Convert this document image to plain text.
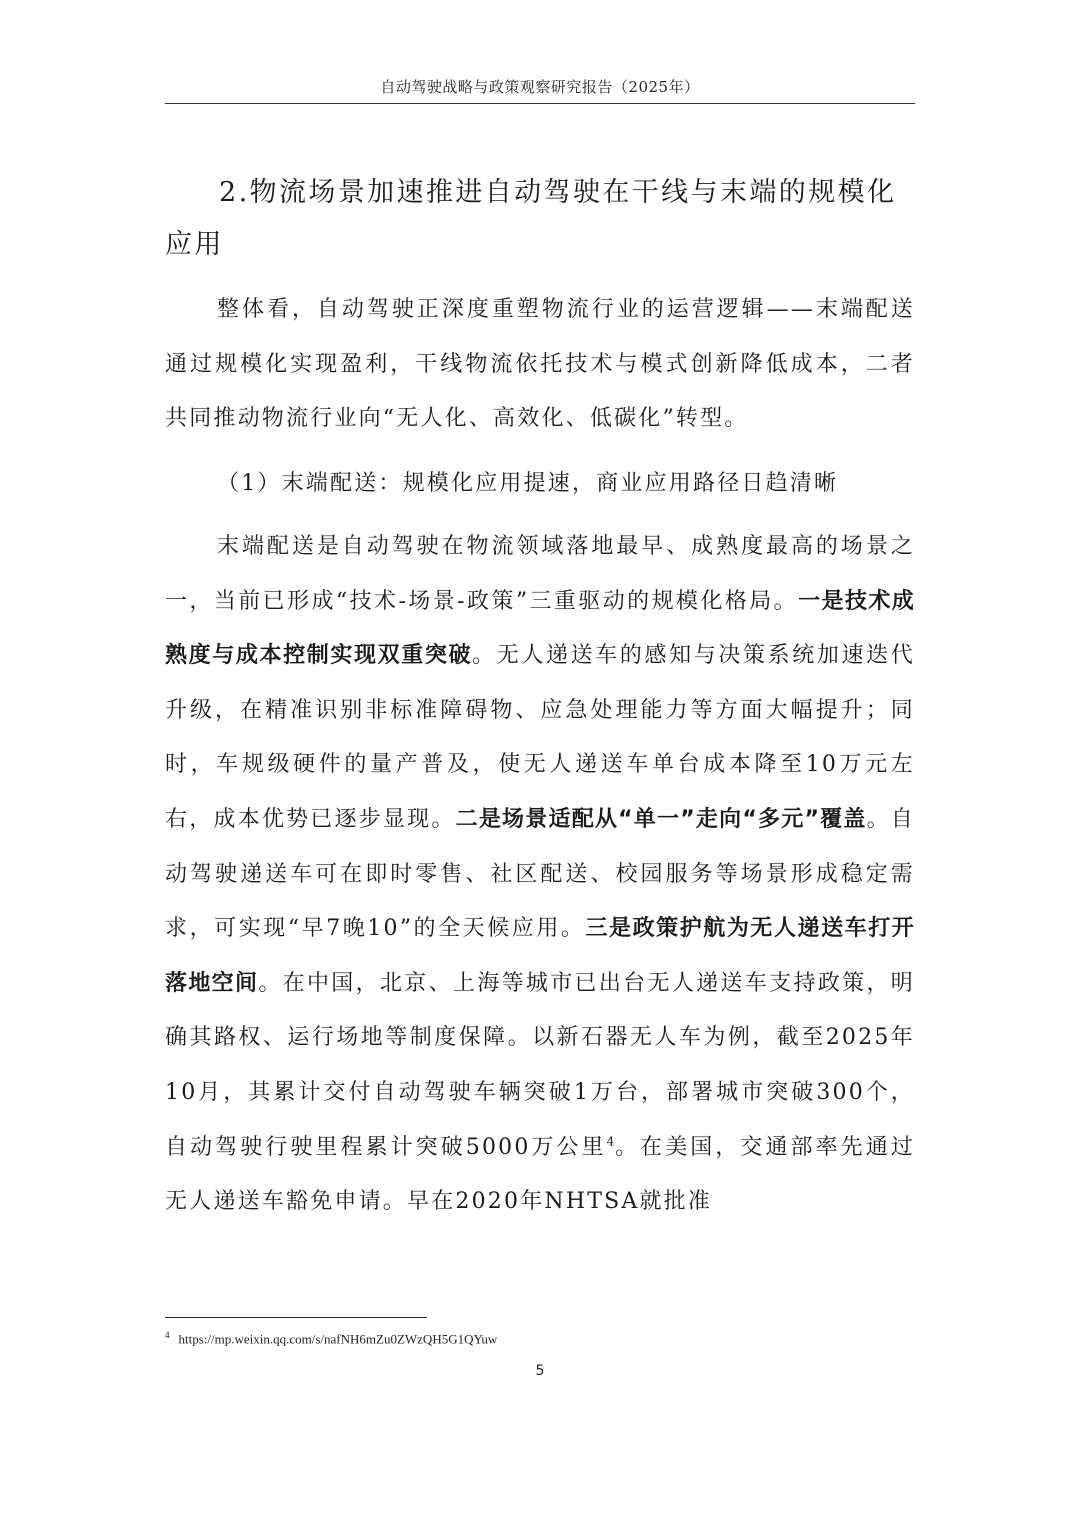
自动驾驶战略与政策观察研究报告（2025年）
2.物流场景加速推进自动驾驶在干线与末端的规模化应用

整体看，自动驾驶正深度重塑物流行业的运营逻辑——末端配送通过规模化实现盈利，干线物流依托技术与模式创新降低成本，二者共同推动物流行业向“无人化、高效化、低碳化”转型。

（1）末端配送：规模化应用提速，商业应用路径日趋清晰

末端配送是自动驾驶在物流领域落地最早、成熟度最高的场景之一，当前已形成“技术-场景-政策”三重驱动的规模化格局。一是技术成熟度与成本控制实现双重突破。无人递送车的感知与决策系统加速迭代升级，在精准识别非标准障碍物、应急处理能力等方面大幅提升；同时，车规级硬件的量产普及，使无人递送车单台成本降至10万元左右，成本优势已逐步显现。二是场景适配从“单一”走向“多元”覆盖。自动驾驶递送车可在即时零售、社区配送、校园服务等场景形成稳定需求，可实现“早7晚10”的全天候应用。三是政策护航为无人递送车打开落地空间。在中国，北京、上海等城市已出台无人递送车支持政策，明确其路权、运行场地等制度保障。以新石器无人车为例，截至2025年10月，其累计交付自动驾驶车辆突破1万台，部署城市突破300个，自动驾驶行驶里程累计突破5000万公里$^4$。在美国，交通部率先通过无人递送车豁免申请。早在2020年NHTSA就批准

$^4$ https://mp.weixin.qq.com/s/nafNH6mZu0ZWzQH5G1QYuw
5
